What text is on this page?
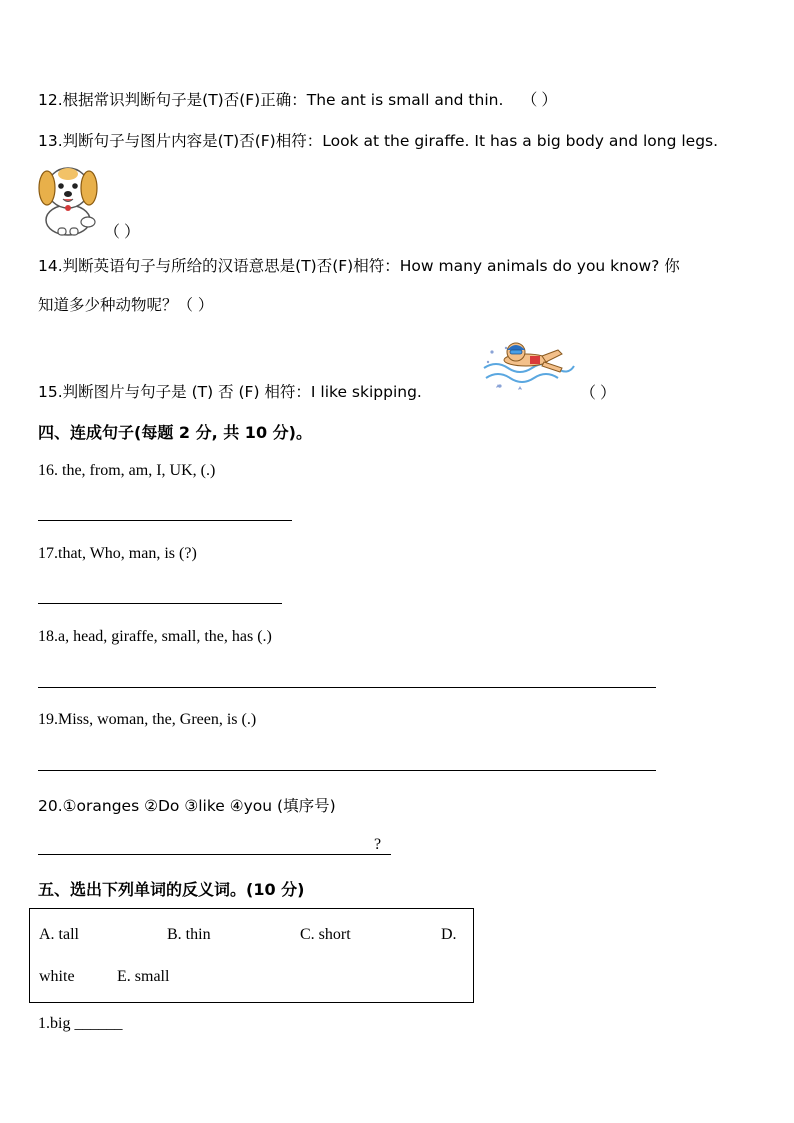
12.根据常识判断句子是(T)否(F)正确：The ant is small and thin. （ ）
13.判断句子与图片内容是(T)否(F)相符：Look at the giraffe. It has a big body and long legs.
（ ）
14.判断英语句子与所给的汉语意思是(T)否(F)相符：How many animals do you know? 你
知道多少种动物呢？（ ）
15.判断图片与句子是 (T) 否 (F) 相符：I like skipping.	（ ）
四、连成句子(每题 2 分, 共 10 分)。
16. the, from, am, I, UK, (.)
17.that, Who, man, is (?)
18.a, head, giraffe, small, the, has (.)
19.Miss, woman, the, Green, is (.)
20.①oranges ②Do ③like ④you (填序号)
?
五、选出下列单词的反义词。(10 分)
A. tall	B. thin	C. short	D.
white	E. small
1.big ______
